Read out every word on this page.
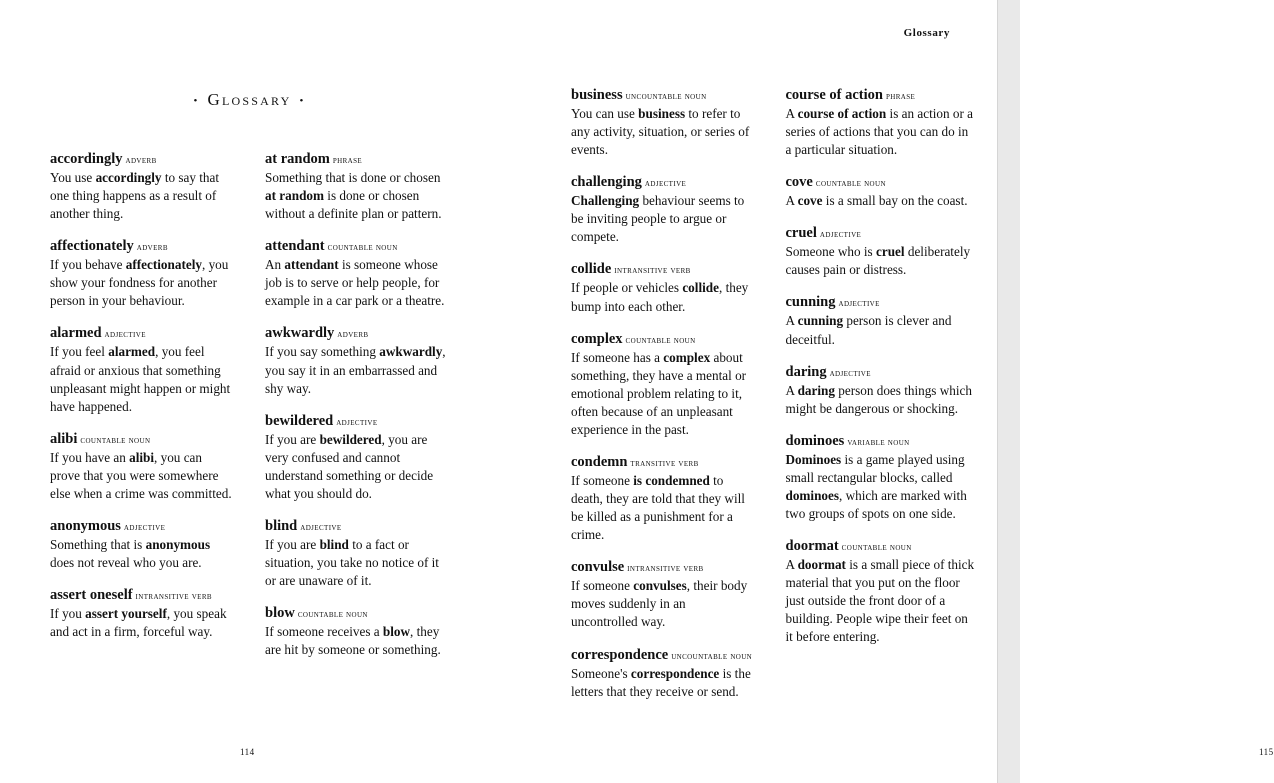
• Glossary •
accordingly adverb
You use accordingly to say that one thing happens as a result of another thing.
affectionately adverb
If you behave affectionately, you show your fondness for another person in your behaviour.
alarmed adjective
If you feel alarmed, you feel afraid or anxious that something unpleasant might happen or might have happened.
alibi countable noun
If you have an alibi, you can prove that you were somewhere else when a crime was committed.
anonymous adjective
Something that is anonymous does not reveal who you are.
assert oneself intransitive verb
If you assert yourself, you speak and act in a firm, forceful way.
at random phrase
Something that is done or chosen at random is done or chosen without a definite plan or pattern.
attendant countable noun
An attendant is someone whose job is to serve or help people, for example in a car park or a theatre.
awkwardly adverb
If you say something awkwardly, you say it in an embarrassed and shy way.
bewildered adjective
If you are bewildered, you are very confused and cannot understand something or decide what you should do.
blind adjective
If you are blind to a fact or situation, you take no notice of it or are unaware of it.
blow countable noun
If someone receives a blow, they are hit by someone or something.
114
Glossary
business uncountable noun
You can use business to refer to any activity, situation, or series of events.
challenging adjective
Challenging behaviour seems to be inviting people to argue or compete.
collide intransitive verb
If people or vehicles collide, they bump into each other.
complex countable noun
If someone has a complex about something, they have a mental or emotional problem relating to it, often because of an unpleasant experience in the past.
condemn transitive verb
If someone is condemned to death, they are told that they will be killed as a punishment for a crime.
convulse intransitive verb
If someone convulses, their body moves suddenly in an uncontrolled way.
correspondence uncountable noun
Someone's correspondence is the letters that they receive or send.
course of action phrase
A course of action is an action or a series of actions that you can do in a particular situation.
cove countable noun
A cove is a small bay on the coast.
cruel adjective
Someone who is cruel deliberately causes pain or distress.
cunning adjective
A cunning person is clever and deceitful.
daring adjective
A daring person does things which might be dangerous or shocking.
dominoes variable noun
Dominoes is a game played using small rectangular blocks, called dominoes, which are marked with two groups of spots on one side.
doormat countable noun
A doormat is a small piece of thick material that you put on the floor just outside the front door of a building. People wipe their feet on it before entering.
115
